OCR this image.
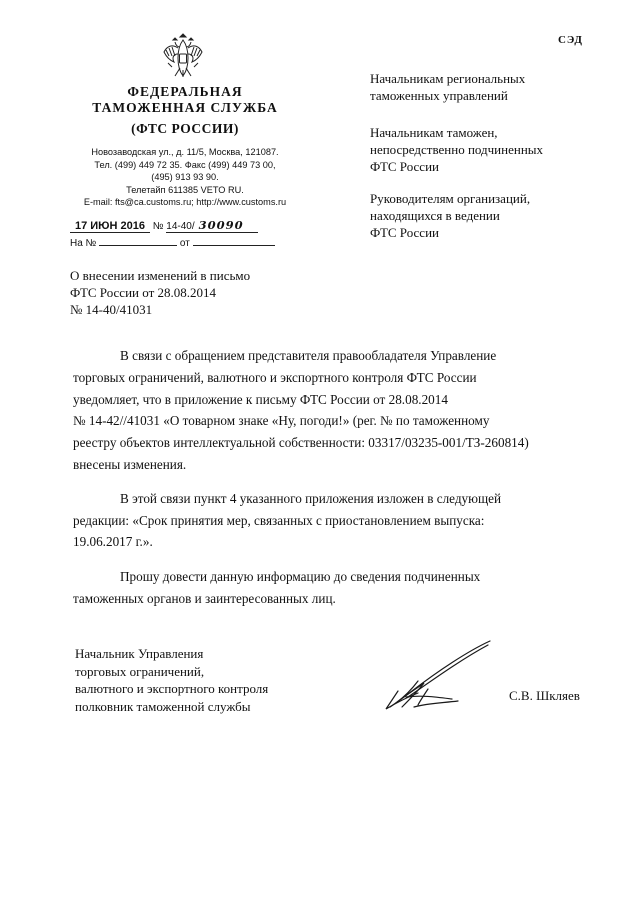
СЭД
ФЕДЕРАЛЬНАЯ
ТАМОЖЕННАЯ СЛУЖБА
(ФТС РОССИИ)
Новозаводская ул., д. 11/5, Москва, 121087.
Тел. (499) 449 72 35. Факс (499) 449 73 00,
(495) 913 93 90.
Телетайп 611385 VETO RU.
E-mail: fts@ca.customs.ru; http://www.customs.ru
17 ИЮН 2016 № 14-40/ 30090
На №	от
Начальникам региональных
таможенных управлений
Начальникам таможен,
непосредственно подчиненных
ФТС России
Руководителям организаций,
находящихся в ведении
ФТС России
О внесении изменений в письмо
ФТС России от 28.08.2014
№ 14-40/41031

В связи с обращением представителя правообладателя Управление

торговых ограничений, валютного и экспортного контроля ФТС России

уведомляет, что в приложение к письму ФТС России от 28.08.2014

№ 14-42//41031 «О товарном знаке «Ну, погоди!» (рег. № по таможенному

реестру объектов интеллектуальной собственности: 03317/03235-001/ТЗ-260814)

внесены изменения.

В этой связи пункт 4 указанного приложения изложен в следующей

редакции: «Срок принятия мер, связанных с приостановлением выпуска:

19.06.2017 г.».

Прошу довести данную информацию до сведения подчиненных

таможенных органов и заинтересованных лиц.

Начальник Управления
торговых ограничений,
валютного и экспортного контроля
полковник таможенной службы
С.В. Шкляев
